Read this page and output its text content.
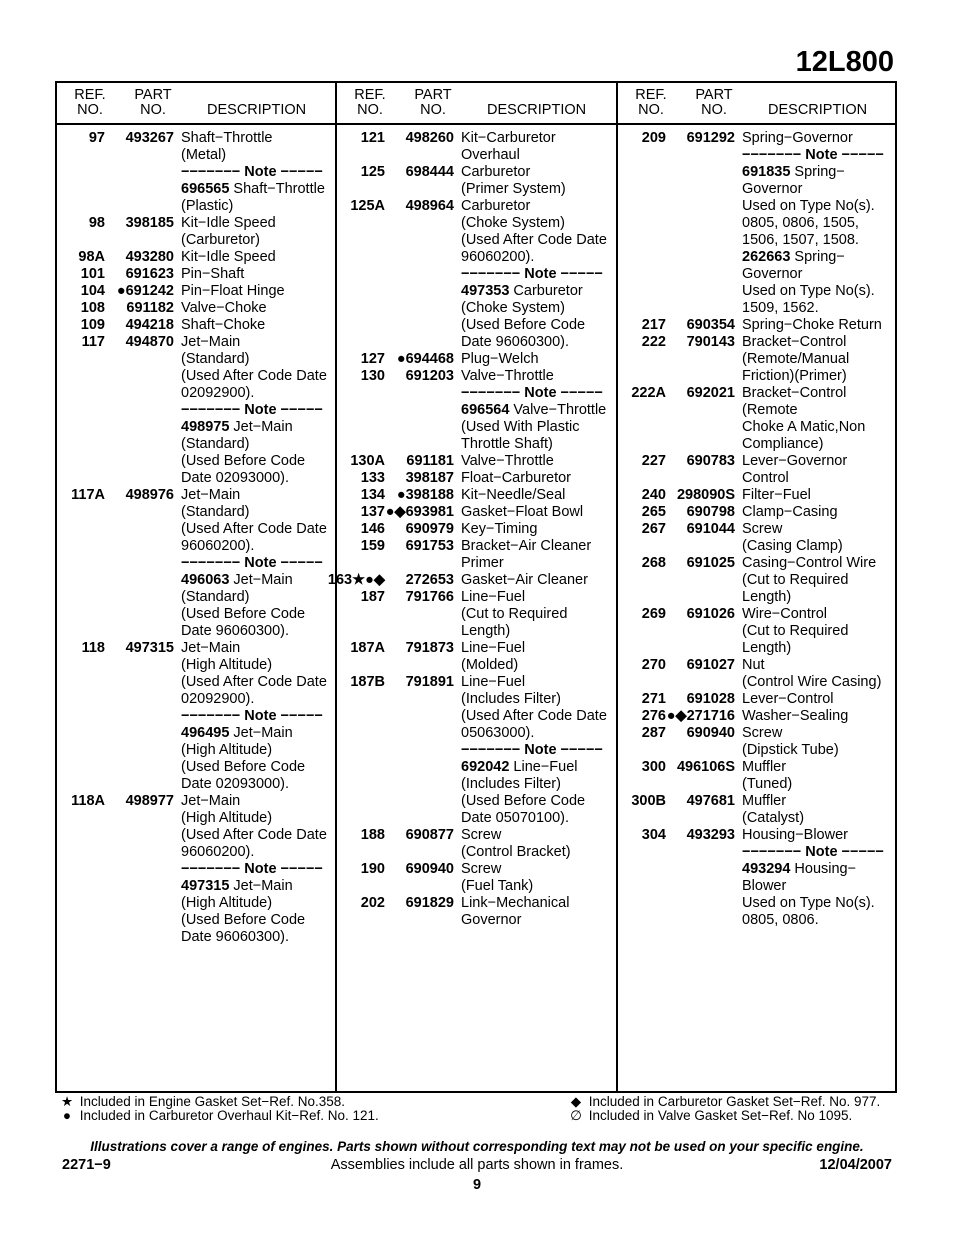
12L800
REF.
NO.
PART
NO.	DESCRIPTION
97 493267 Shaft−Throttle
(Metal)
−−−−−−− Note −−−−−
696565 Shaft−Throttle
(Plastic)
98 398185 Kit−Idle Speed
(Carburetor)
98A 493280 Kit−Idle Speed
101 691623 Pin−Shaft
104 ●691242 Pin−Float Hinge
108 691182 Valve−Choke
109 494218 Shaft−Choke
117 494870 Jet−Main
(Standard)
(Used After Code Date
02092900).
−−−−−−− Note −−−−−
498975 Jet−Main
(Standard)
(Used Before Code
Date 02093000).
117A 498976 Jet−Main
(Standard)
(Used After Code Date
96060200).
−−−−−−− Note −−−−−
496063 Jet−Main
(Standard)
(Used Before Code
Date 96060300).
118 497315 Jet−Main
(High Altitude)
(Used After Code Date
02092900).
−−−−−−− Note −−−−−
496495 Jet−Main
(High Altitude)
(Used Before Code
Date 02093000).
118A 498977 Jet−Main
(High Altitude)
(Used After Code Date
96060200).
−−−−−−− Note −−−−−
497315 Jet−Main
(High Altitude)
(Used Before Code
Date 96060300).
REF.
NO.
PART
NO.	DESCRIPTION
121 498260 Kit−Carburetor
Overhaul
125 698444 Carburetor
(Primer System)
125A 498964 Carburetor
(Choke System)
(Used After Code Date
96060200).
−−−−−−− Note −−−−−
497353 Carburetor
(Choke System)
(Used Before Code
Date 96060300).
127 ●694468 Plug−Welch
130 691203 Valve−Throttle
−−−−−−− Note −−−−−
696564 Valve−Throttle
(Used With Plastic
Throttle Shaft)
130A 691181 Valve−Throttle
133 398187 Float−Carburetor
134 ●398188 Kit−Needle/Seal
137 ●◆693981 Gasket−Float Bowl
146 690979 Key−Timing
159 691753 Bracket−Air Cleaner
Primer
163★●◆ 272653 Gasket−Air Cleaner
187 791766 Line−Fuel
(Cut to Required
Length)
187A 791873 Line−Fuel
(Molded)
187B 791891 Line−Fuel
(Includes Filter)
(Used After Code Date
05063000).
−−−−−−− Note −−−−−
692042 Line−Fuel
(Includes Filter)
(Used Before Code
Date 05070100).
188 690877 Screw
(Control Bracket)
190 690940 Screw
(Fuel Tank)
202 691829 Link−Mechanical
Governor
REF.
NO.
PART
NO.	DESCRIPTION
209 691292 Spring−Governor
−−−−−−− Note −−−−−
691835 Spring−
Governor
Used on Type No(s).
0805, 0806, 1505,
1506, 1507, 1508.
262663 Spring−
Governor
Used on Type No(s).
1509, 1562.
217 690354 Spring−Choke Return
222 790143 Bracket−Control
(Remote/Manual
Friction)(Primer)
222A 692021 Bracket−Control
(Remote
Choke A Matic,Non
Compliance)
227 690783 Lever−Governor
Control
240 298090S Filter−Fuel
265 690798 Clamp−Casing
267 691044 Screw
(Casing Clamp)
268 691025 Casing−Control Wire
(Cut to Required
Length)
269 691026 Wire−Control
(Cut to Required
Length)
270 691027 Nut
(Control Wire Casing)
271 691028 Lever−Control
276 ●◆271716 Washer−Sealing
287 690940 Screw
(Dipstick Tube)
300 496106S Muffler
(Tuned)
300B 497681 Muffler
(Catalyst)
304 493293 Housing−Blower
−−−−−−− Note −−−−−
493294 Housing−
Blower
Used on Type No(s).
0805, 0806.
★ Included in Engine Gasket Set−Ref. No.358.
● Included in Carburetor Overhaul Kit−Ref. No. 121.
◆ Included in Carburetor Gasket Set−Ref. No. 977.
∅ Included in Valve Gasket Set−Ref. No 1095.
Illustrations cover a range of engines. Parts shown without corresponding text may not be used on your specific engine.
2271−9	Assemblies include all parts shown in frames.	12/04/2007
9
